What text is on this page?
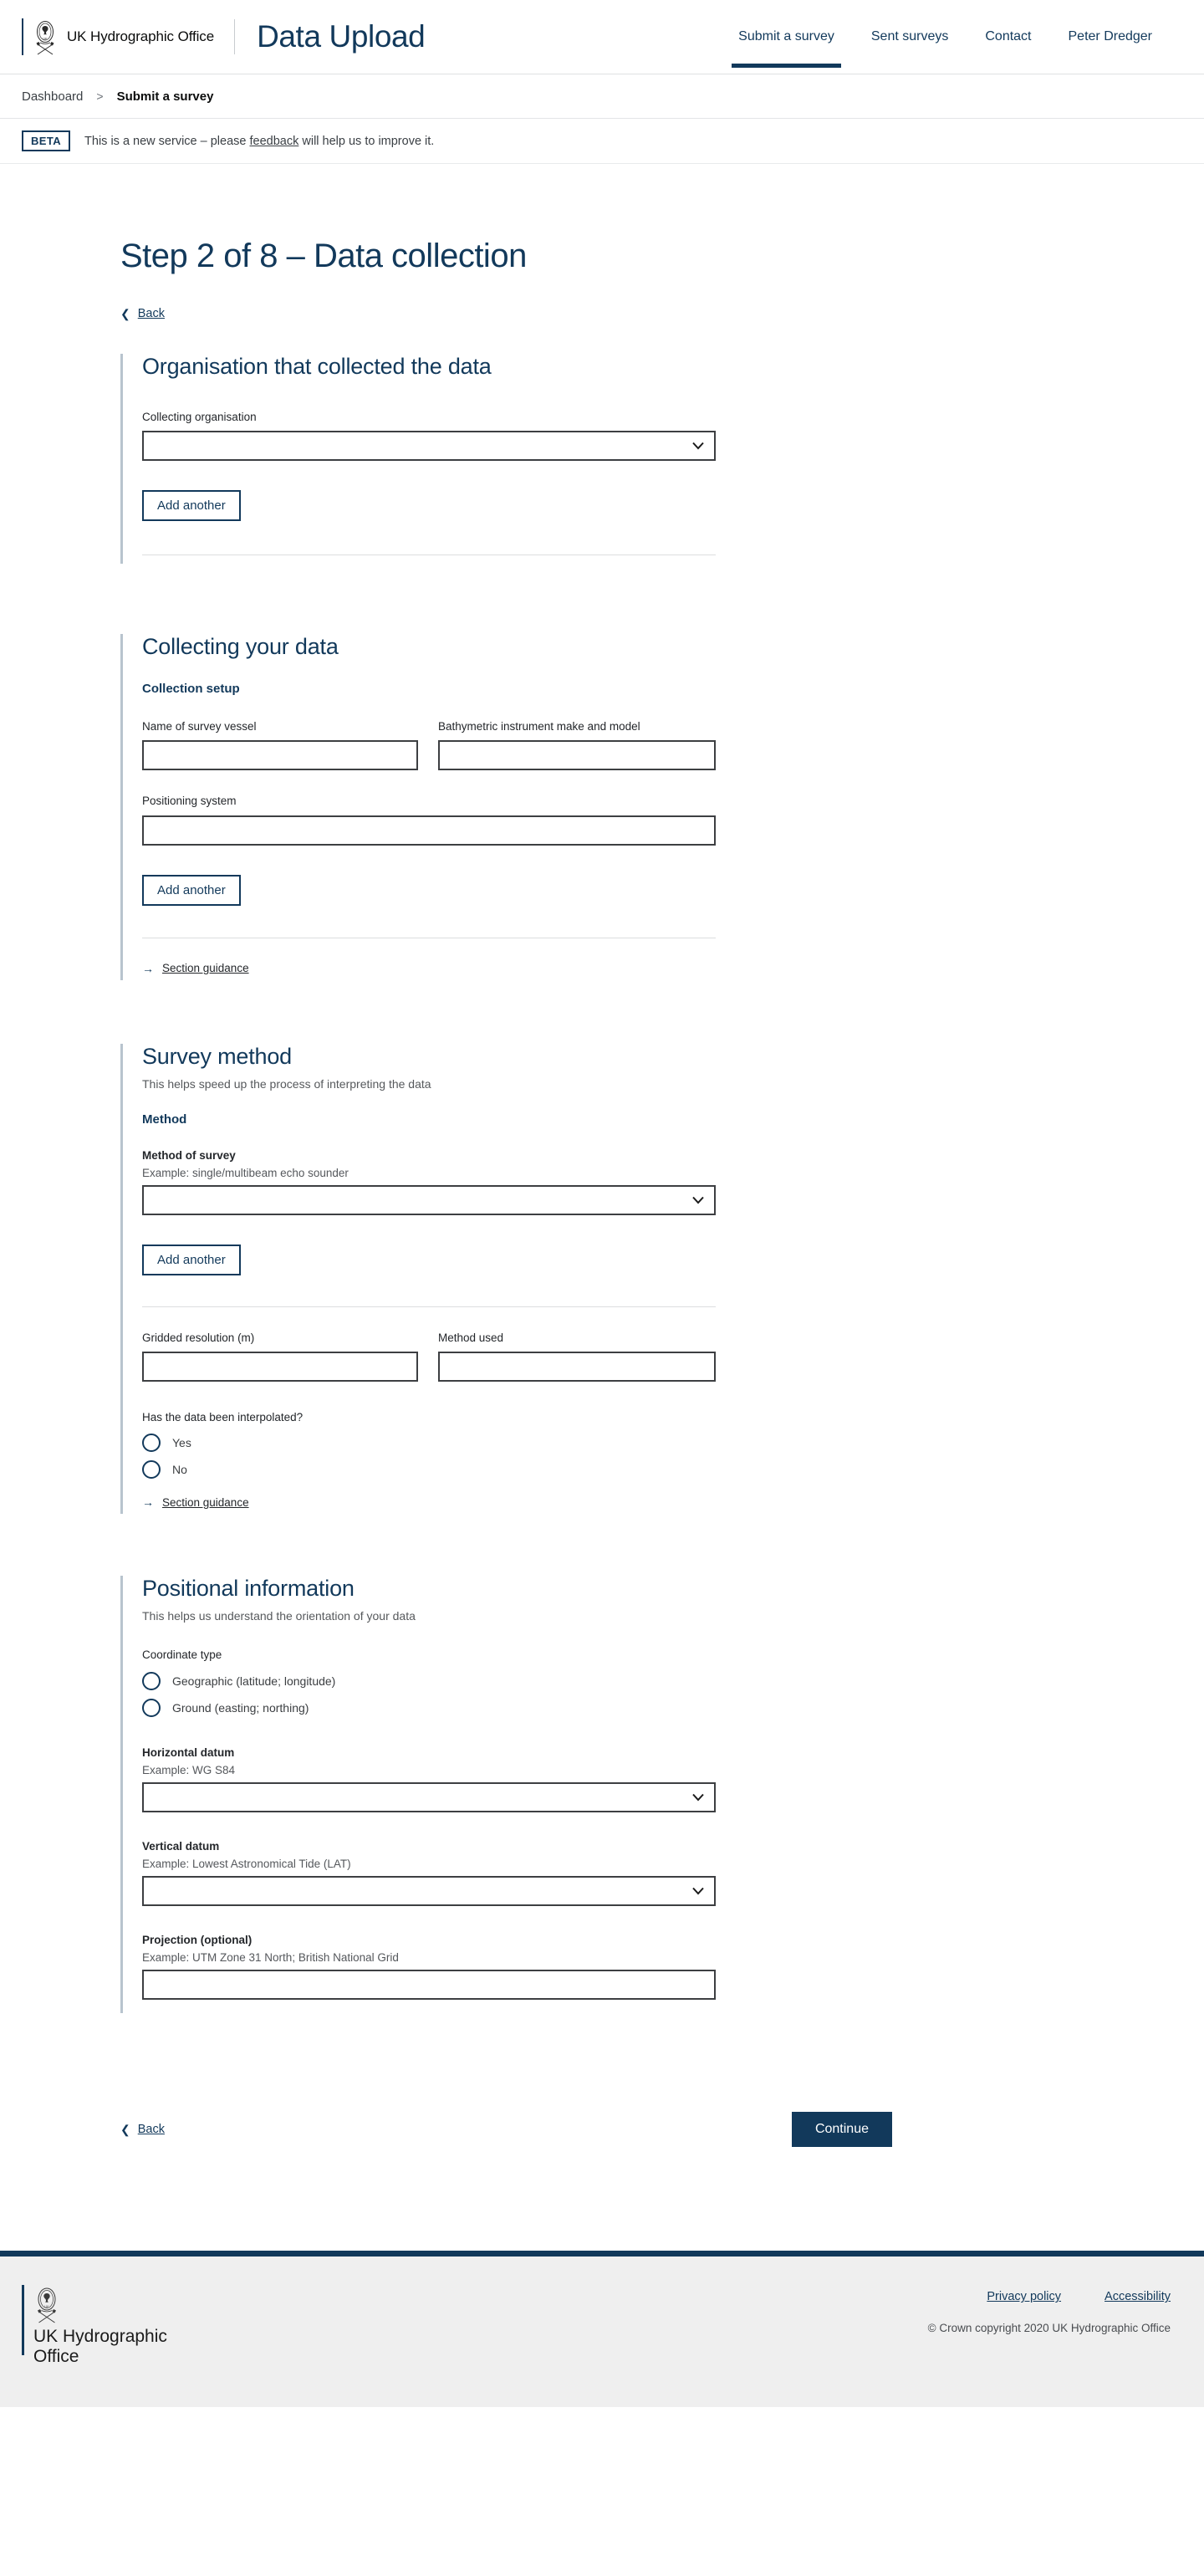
UK UK Hydrographic Office Data Upload	Submit a survey	Sent surveys	Contact	Peter Dredger
Dashboard > Submit a survey
BETA	This is a new service – please feedback will help us to improve it.
Step 2 of 8 – Data collection
❮ Back
Organisation that collected the data
Collecting organisation
Add another
Collecting your data
Collection setup
Name of survey vessel	Bathymetric instrument make and model
Positioning system
Add another
→ Section guidance
Survey method
This helps speed up the process of interpreting the data
Method
Method of survey
Example: single/multibeam echo sounder
Add another
Gridded resolution (m)	Method used
Has the data been interpolated?
Yes
No
→ Section guidance
Positional information
This helps us understand the orientation of your data
Coordinate type
Geographic (latitude; longitude)
Ground (easting; northing)
Horizontal datum
Example: WG S84
Vertical datum
Example: Lowest Astronomical Tide (LAT)
Projection (optional)
Example: UTM Zone 31 North; British National Grid
❮ Back	Continue
UK
UK Hydrographic
Office
Privacy policy	Accessibility
© Crown copyright 2020 UK Hydrographic Office
